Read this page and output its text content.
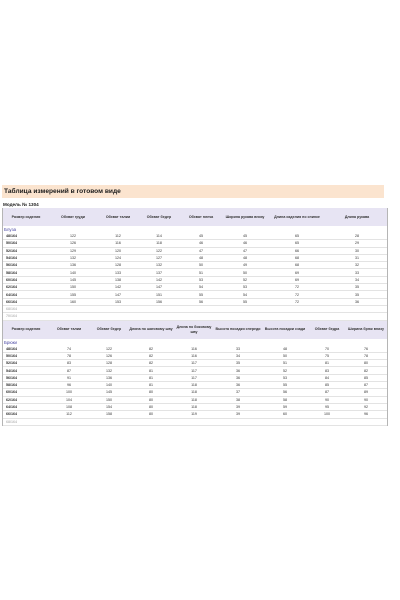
Таблица измерений в готовом виде
Модель № 1304
Размер изделия	Обхват груди	Обхват талии	Обхват бедер	Обхват плеча	Ширина рукава внизу	Длина изделия по спинке	Длина рукава
Блуза							
48/164	122	112	114	45	45	65	28
50/164	126	116	118	46	46	65	29
52/164	129	120	122	47	47	66	30
54/164	132	124	127	48	48	68	31
56/164	136	128	132	50	49	68	32
58/164	140	133	137	51	50	69	33
60/164	145	138	142	53	52	69	34
62/164	150	142	147	54	53	72	35
64/164	155	147	151	55	54	72	35
66/164	160	153	156	56	55	72	36
68/164							
70/164							
Размер изделия	Обхват талии	Обхват бедер	Длина по шаговому шву	Длина по боковому шву	Высота посадки спереди	Высота посадки сзади	Обхват бедра	Ширина брюк внизу
Брюки								
48/164	74	122	82	116	33	48	70	76
50/164	78	126	82	116	34	50	75	78
52/164	83	128	82	117	35	51	81	80
54/164	87	132	81	117	36	52	83	82
56/164	91	136	81	117	36	53	84	85
58/164	96	140	81	118	36	55	85	87
60/164	100	145	80	118	37	56	87	89
62/164	104	150	80	118	38	58	90	90
64/164	108	154	80	118	39	59	95	92
66/164	112	158	80	119	39	60	100	96
68/164								
